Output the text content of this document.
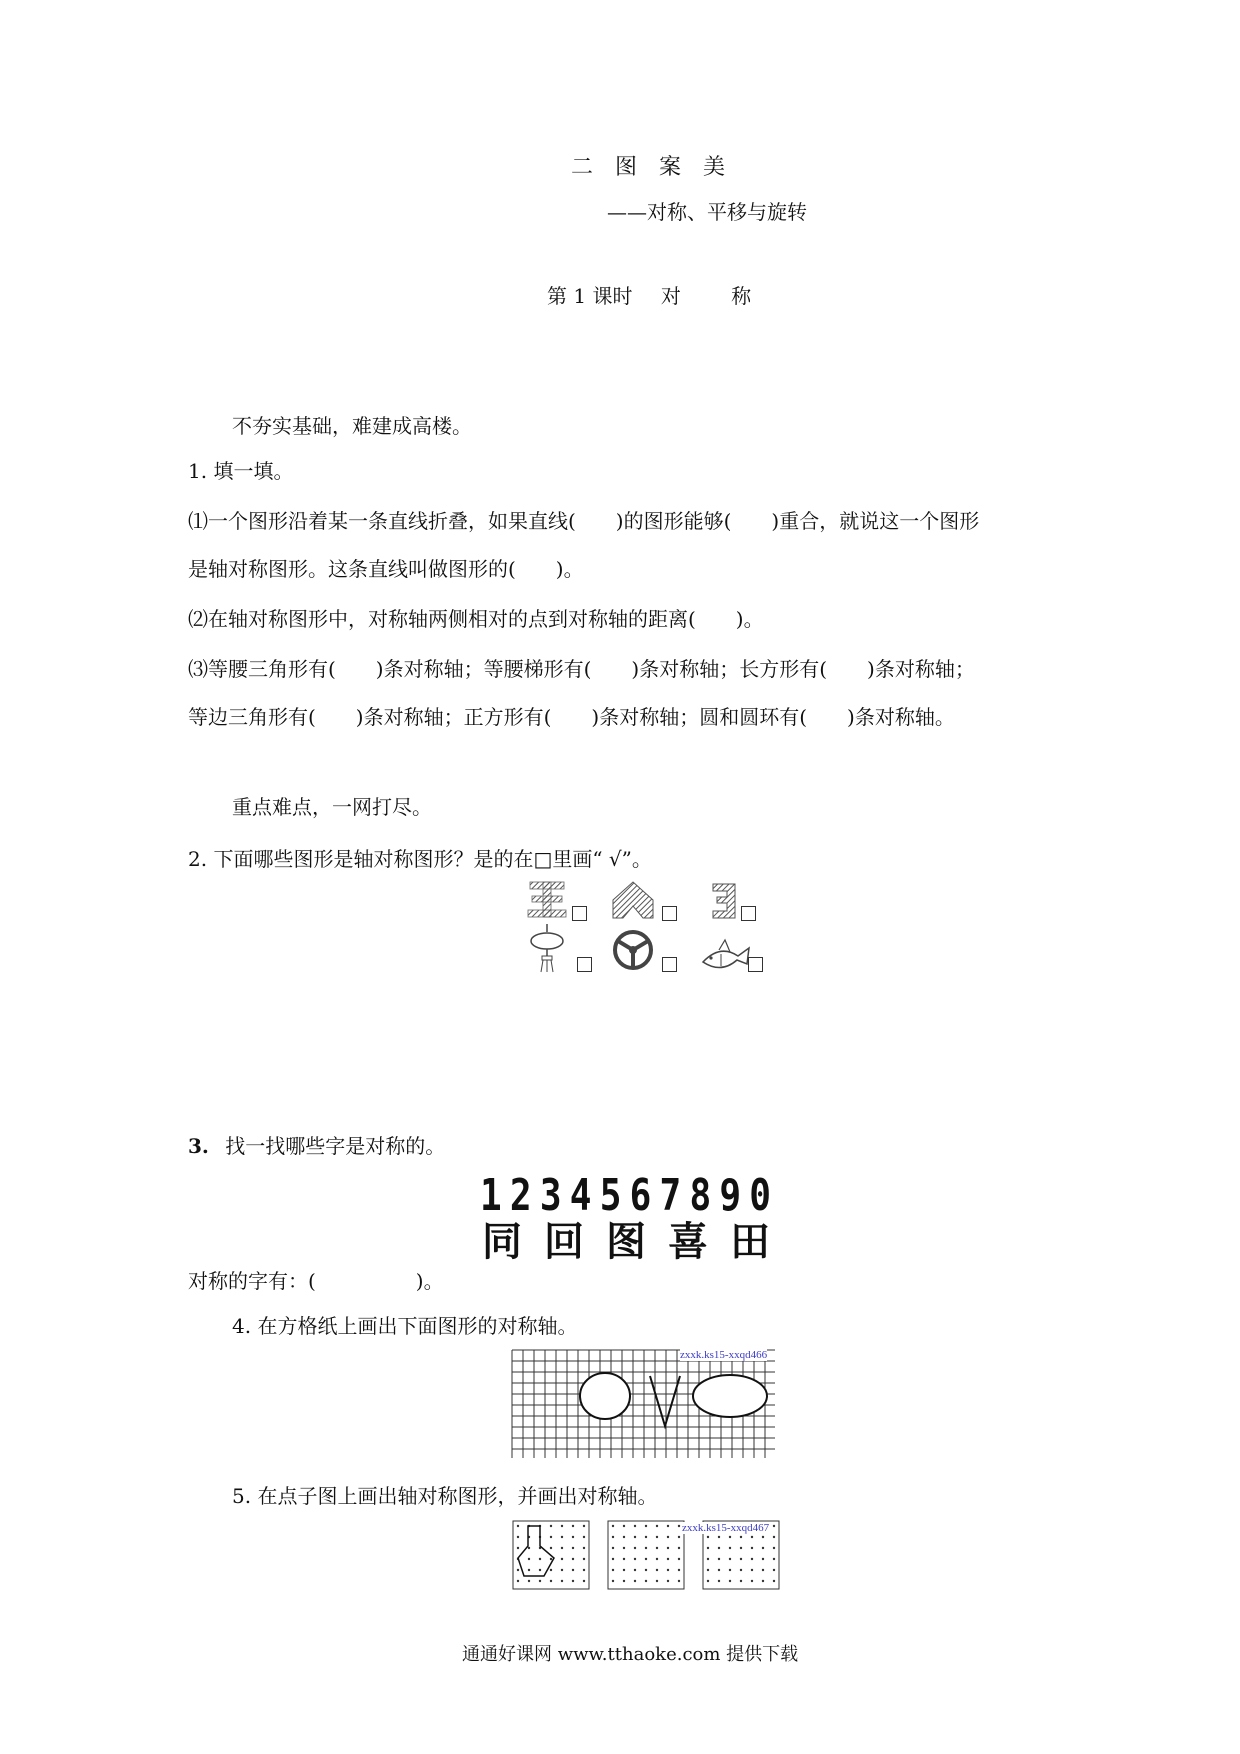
二 图 案 美
——对称、平移与旋转
第 1 课时 对	称
不夯实基础，难建成高楼。
1. 填一填。
⑴一个图形沿着某一条直线折叠，如果直线(　　)的图形能够(　　)重合，就说这一个图形
是轴对称图形。这条直线叫做图形的(　　)。
⑵在轴对称图形中，对称轴两侧相对的点到对称轴的距离(　　)。
⑶等腰三角形有(　　)条对称轴；等腰梯形有(　　)条对称轴；长方形有(　　)条对称轴；
等边三角形有(　　)条对称轴；正方形有(　　)条对称轴；圆和圆环有(　　)条对称轴。
重点难点，一网打尽。
2. 下面哪些图形是轴对称图形？是的在□里画“ √”。
3. 找一找哪些字是对称的。
1234567890
同回图喜田
对称的字有：(　　　　　)。
4. 在方格纸上画出下面图形的对称轴。
zxxk.ks15-xxqd466
5. 在点子图上画出轴对称图形，并画出对称轴。
zxxk.ks15-xxqd467
通通好课网 www.tthaoke.com 提供下载
